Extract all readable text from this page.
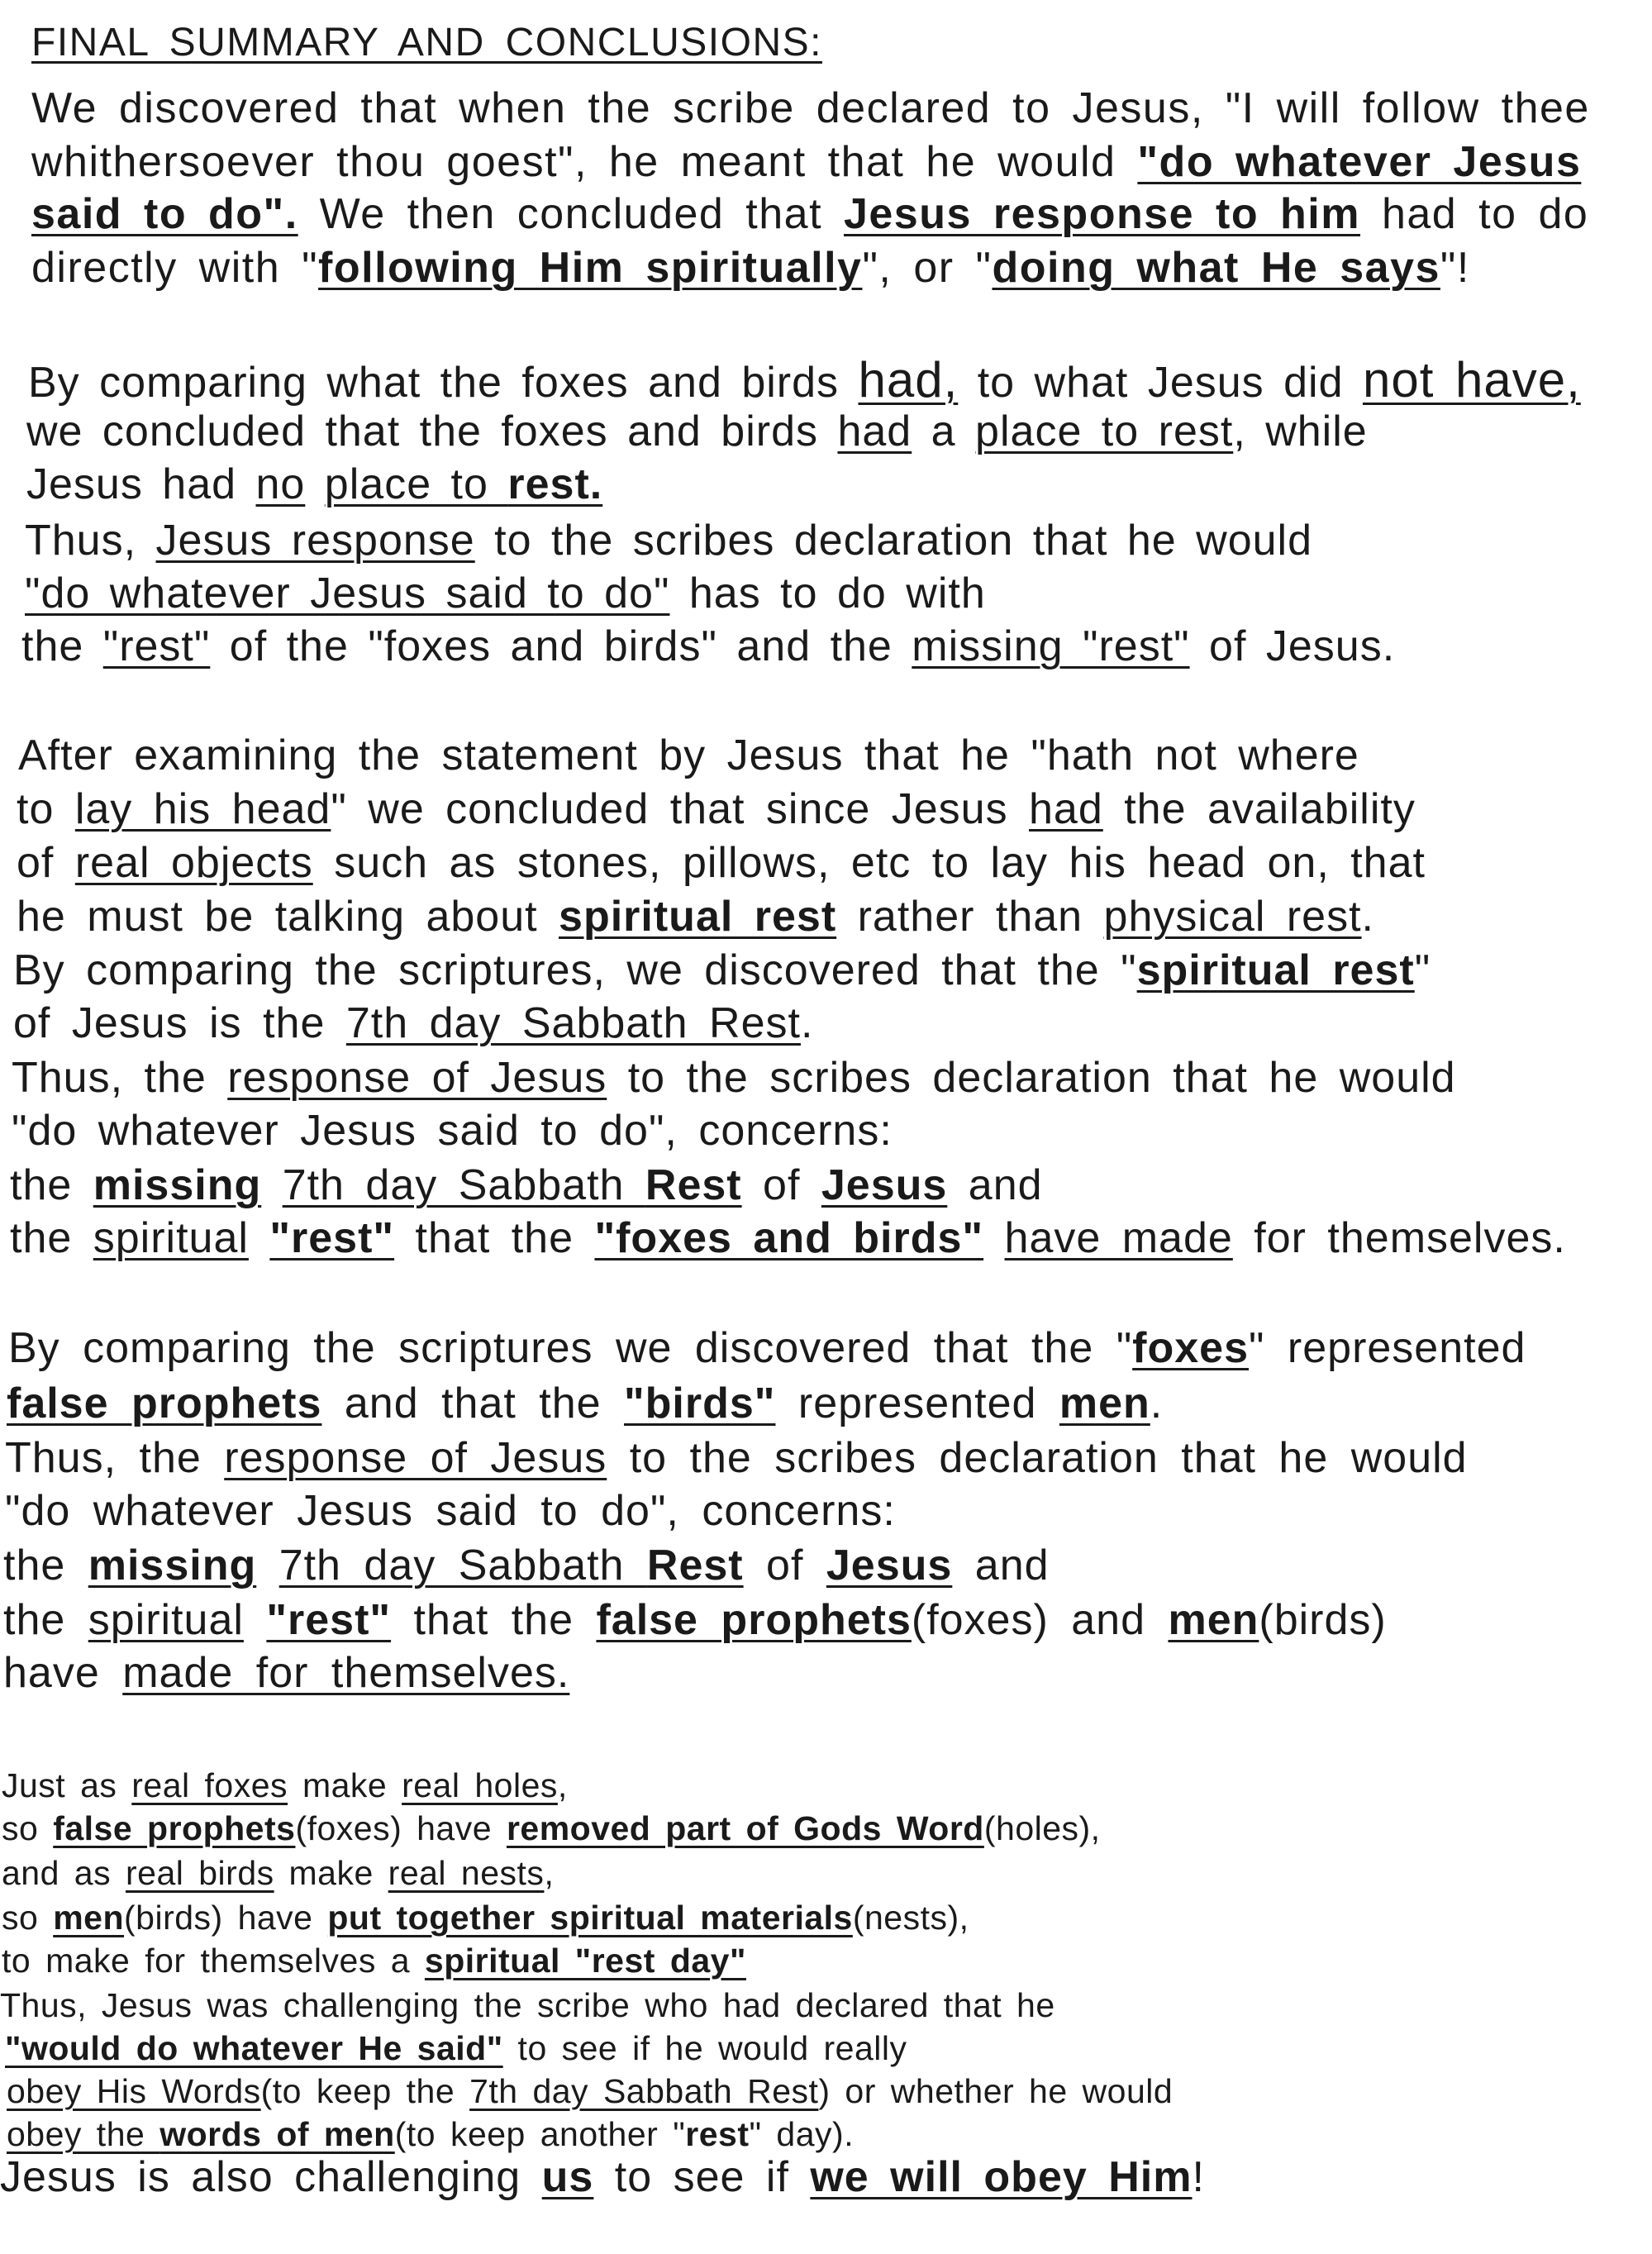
FINAL SUMMARY AND CONCLUSIONS:
We discovered that when the scribe declared to Jesus, "I will follow thee
whithersoever thou goest", he meant that he would "do whatever Jesus
said to do". We then concluded that Jesus response to him had to do
directly with "following Him spiritually", or "doing what He says"!
By comparing what the foxes and birds had, to what Jesus did not have,
we concluded that the foxes and birds had a place to rest, while
Jesus had no place to rest.
Thus, Jesus response to the scribes declaration that he would
"do whatever Jesus said to do" has to do with
the "rest" of the "foxes and birds" and the missing "rest" of Jesus.
After examining the statement by Jesus that he "hath not where
to lay his head" we concluded that since Jesus had the availability
of real objects such as stones, pillows, etc to lay his head on, that
he must be talking about spiritual rest rather than physical rest.
By comparing the scriptures, we discovered that the "spiritual rest"
of Jesus is the 7th day Sabbath Rest.
Thus, the response of Jesus to the scribes declaration that he would
"do whatever Jesus said to do", concerns:
the missing 7th day Sabbath Rest of Jesus and
the spiritual "rest" that the "foxes and birds" have made for themselves.
By comparing the scriptures we discovered that the "foxes" represented
false prophets and that the "birds" represented men.
Thus, the response of Jesus to the scribes declaration that he would
"do whatever Jesus said to do", concerns:
the missing 7th day Sabbath Rest of Jesus and
the spiritual "rest" that the false prophets(foxes) and men(birds)
have made for themselves.
Just as real foxes make real holes,
so false prophets(foxes) have removed part of Gods Word(holes),
and as real birds make real nests,
so men(birds) have put together spiritual materials(nests),
to make for themselves a spiritual "rest day"
Thus, Jesus was challenging the scribe who had declared that he
"would do whatever He said" to see if he would really
obey His Words(to keep the 7th day Sabbath Rest) or whether he would
obey the words of men(to keep another "rest" day).
Jesus is also challenging us to see if we will obey Him!
